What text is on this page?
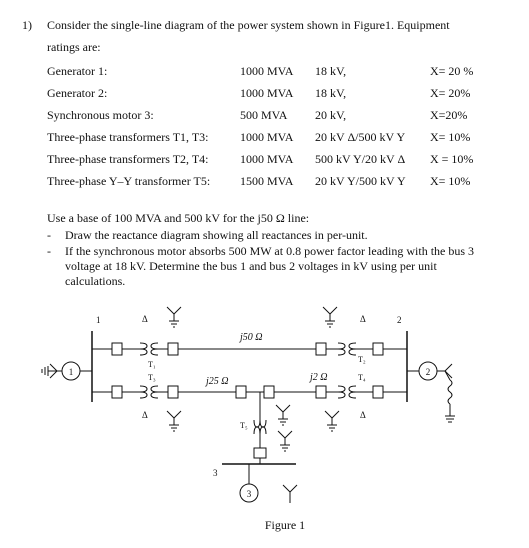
1) Consider the single-line diagram of the power system shown in Figure1. Equipment
ratings are:
Generator 1:	1000 MVA 18 kV,	X= 20 %
Generator 2:	1000 MVA 18 kV,	X= 20%
Synchronous motor 3:	500 MVA 20 kV,	X=20%
Three-phase transformers T1, T3:	1000 MVA 20 kV Δ/500 kV Y X= 10%
Three-phase transformers T2, T4:	1000 MVA 500 kV Y/20 kV Δ X = 10%
Three-phase Y–Y transformer T5: 1500 MVA 20 kV Y/500 kV Y X= 10%
Use a base of 100 MVA and 500 kV for the j50 Ω line:
- Draw the reactance diagram showing all reactances in per-unit.
- If the synchronous motor absorbs 500 MW at 0.8 power factor leading with the bus 3
voltage at 18 kV. Determine the bus 1 and bus 2 voltages in kV using per unit
calculations.
1
1	2
2
Δ
T₁
j50 Ω
Δ
T₂
T₃	j25 Ω	j2 Ω	T₄
Δ	Δ
T₅
3
3
Figure 1
